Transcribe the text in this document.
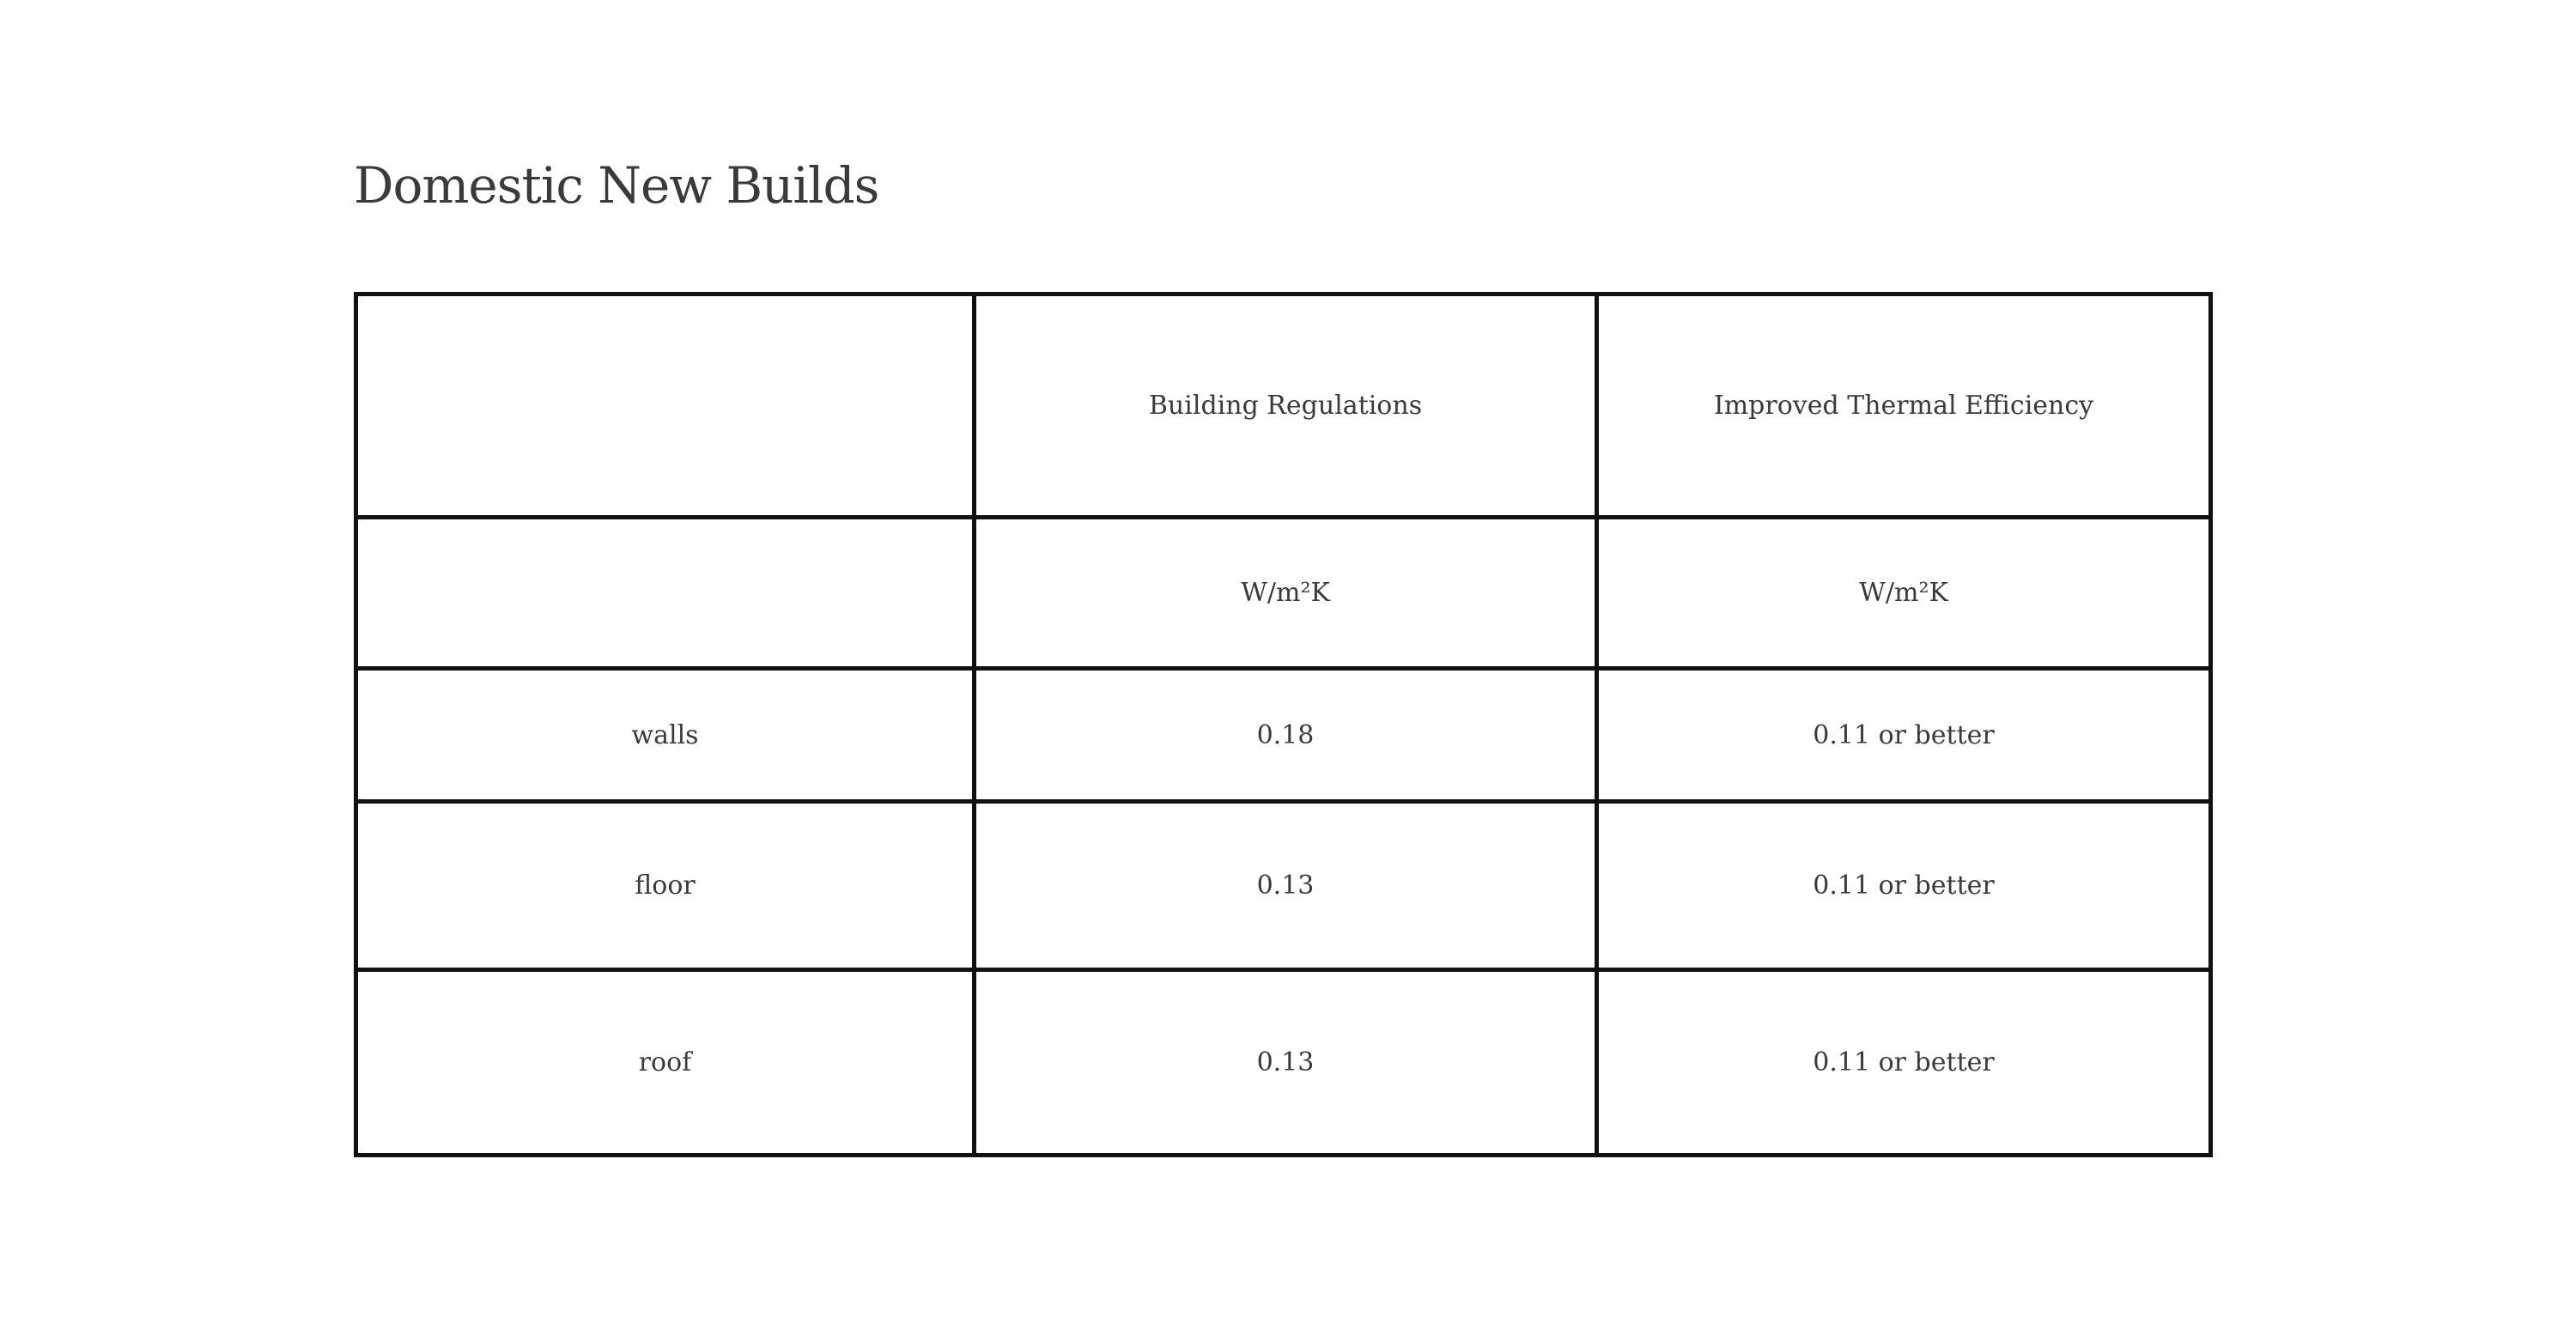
Domestic New Builds
	Building Regulations	Improved Thermal Efficiency
	W/m²K	W/m²K
walls	0.18	0.11 or better
floor	0.13	0.11 or better
roof	0.13	0.11 or better
